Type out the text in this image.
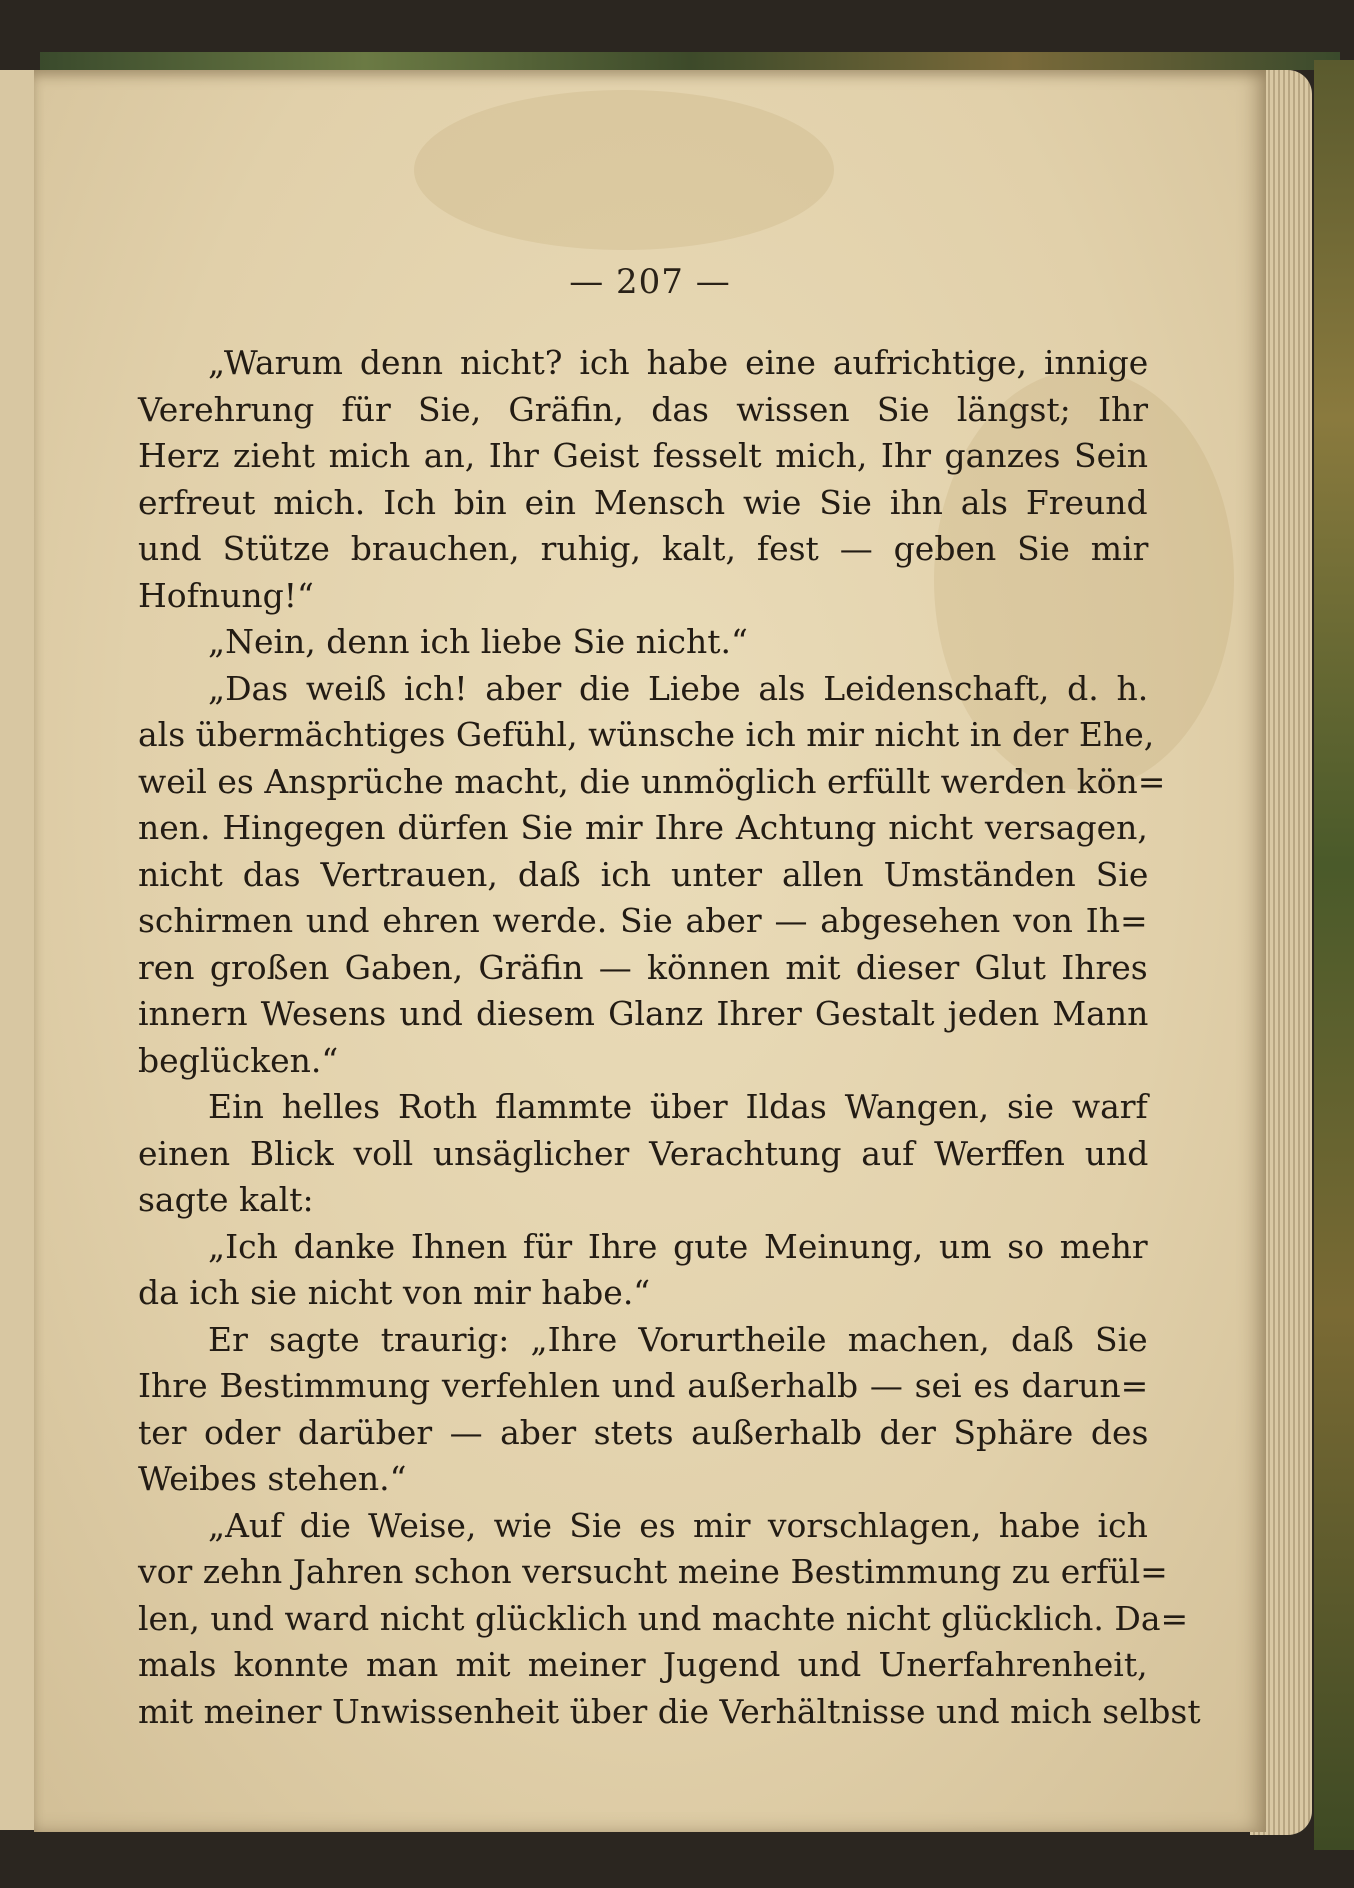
— 207 —
„Warum denn nicht? ich habe eine aufrichtige, innige
Verehrung für Sie, Gräfin, das wissen Sie längst; Ihr
Herz zieht mich an, Ihr Geist fesselt mich, Ihr ganzes Sein
erfreut mich. Ich bin ein Mensch wie Sie ihn als Freund
und Stütze brauchen, ruhig, kalt, fest — geben Sie mir
Hofnung!“
„Nein, denn ich liebe Sie nicht.“
„Das weiß ich! aber die Liebe als Leidenschaft, d. h.
als übermächtiges Gefühl, wünsche ich mir nicht in der Ehe,
weil es Ansprüche macht, die unmöglich erfüllt werden kön=
nen. Hingegen dürfen Sie mir Ihre Achtung nicht versagen,
nicht das Vertrauen, daß ich unter allen Umständen Sie
schirmen und ehren werde. Sie aber — abgesehen von Ih=
ren großen Gaben, Gräfin — können mit dieser Glut Ihres
innern Wesens und diesem Glanz Ihrer Gestalt jeden Mann
beglücken.“
Ein helles Roth flammte über Ildas Wangen, sie warf
einen Blick voll unsäglicher Verachtung auf Werffen und
sagte kalt:
„Ich danke Ihnen für Ihre gute Meinung, um so mehr
da ich sie nicht von mir habe.“
Er sagte traurig: „Ihre Vorurtheile machen, daß Sie
Ihre Bestimmung verfehlen und außerhalb — sei es darun=
ter oder darüber — aber stets außerhalb der Sphäre des
Weibes stehen.“
„Auf die Weise, wie Sie es mir vorschlagen, habe ich
vor zehn Jahren schon versucht meine Bestimmung zu erfül=
len, und ward nicht glücklich und machte nicht glücklich. Da=
mals konnte man mit meiner Jugend und Unerfahrenheit,
mit meiner Unwissenheit über die Verhältnisse und mich selbst
